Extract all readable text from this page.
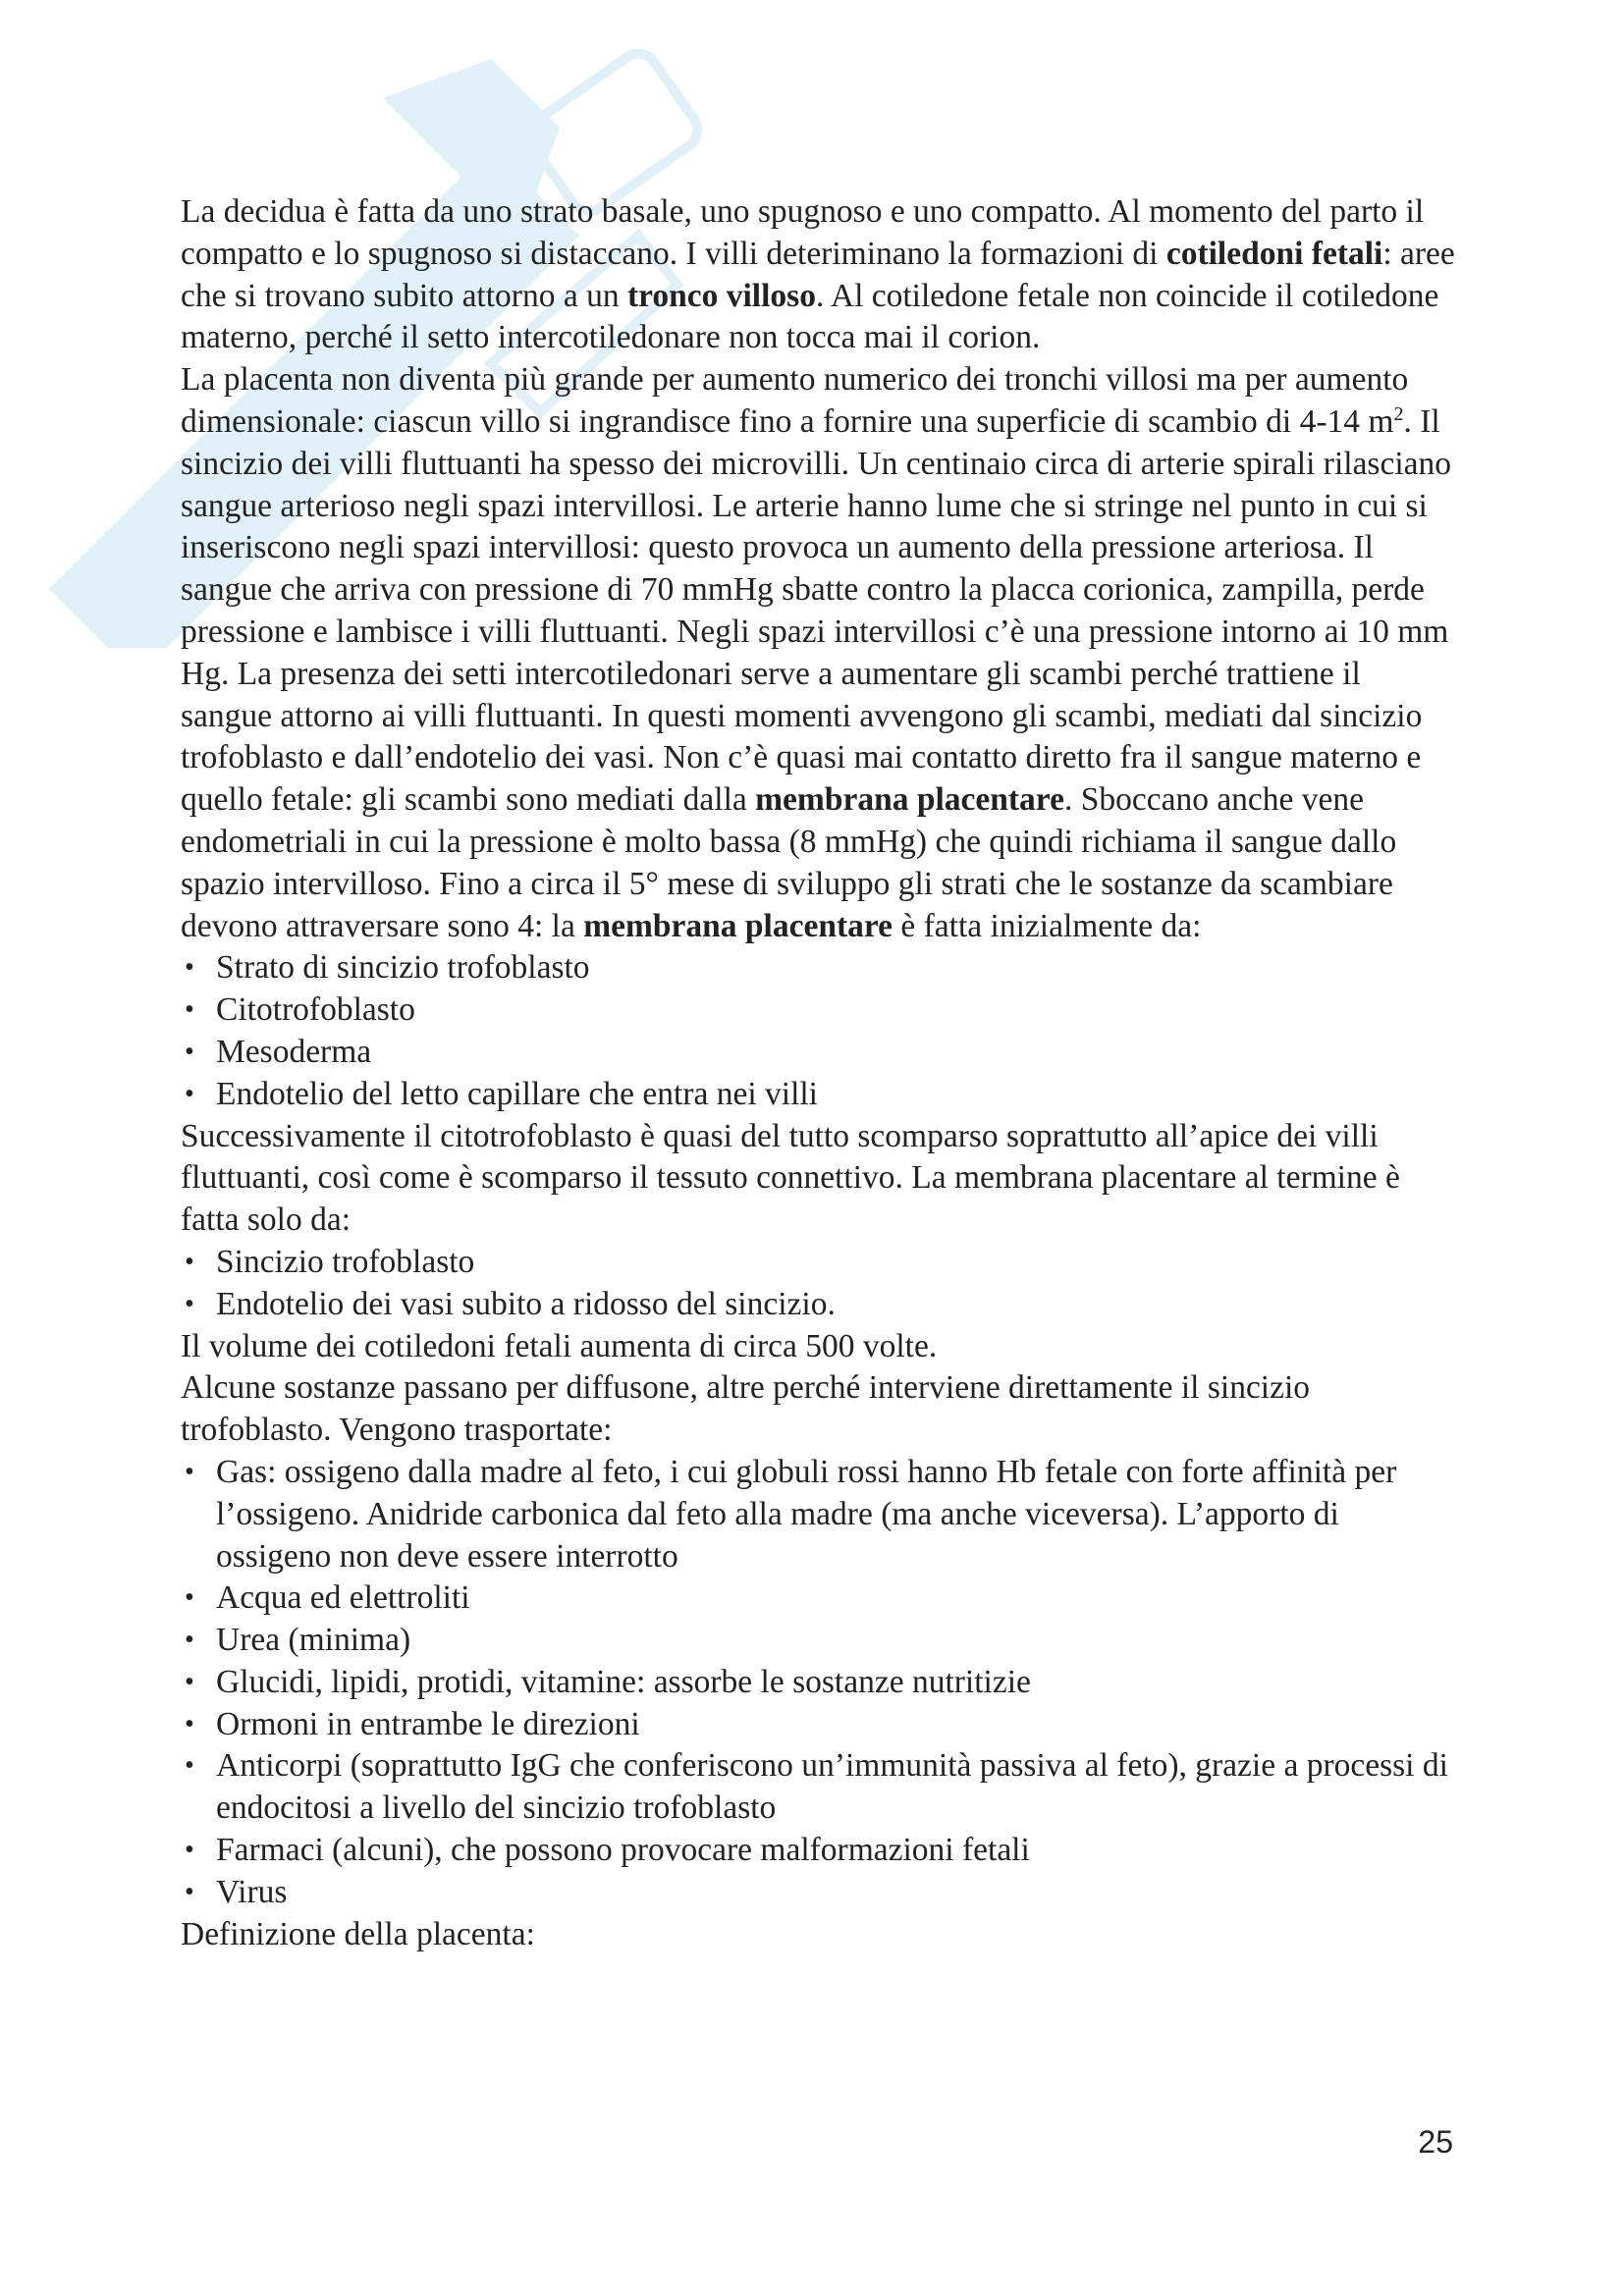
La decidua è fatta da uno strato basale, uno spugnoso e uno compatto. Al momento del parto il compatto e lo spugnoso si distaccano. I villi deteriminano la formazioni di cotiledoni fetali: aree che si trovano subito attorno a un tronco villoso. Al cotiledone fetale non coincide il cotiledone materno, perché il setto intercotiledonare non tocca mai il corion.

La placenta non diventa più grande per aumento numerico dei tronchi villosi ma per aumento dimensionale: ciascun villo si ingrandisce fino a fornire una superficie di scambio di 4-14 $m^2$. Il sincizio dei villi fluttuanti ha spesso dei microvilli. Un centinaio circa di arterie spirali rilasciano sangue arterioso negli spazi intervillosi. Le arterie hanno lume che si stringe nel punto in cui si inseriscono negli spazi intervillosi: questo provoca un aumento della pressione arteriosa. Il sangue che arriva con pressione di 70 mmHg sbatte contro la placca corionica, zampilla, perde pressione e lambisce i villi fluttuanti. Negli spazi intervillosi c’è una pressione intorno ai 10 mm Hg. La presenza dei setti intercotiledonari serve a aumentare gli scambi perché trattiene il sangue attorno ai villi fluttuanti. In questi momenti avvengono gli scambi, mediati dal sincizio trofoblasto e dall’endotelio dei vasi. Non c’è quasi mai contatto diretto fra il sangue materno e quello fetale: gli scambi sono mediati dalla membrana placentare. Sboccano anche vene endometriali in cui la pressione è molto bassa (8 mmHg) che quindi richiama il sangue dallo spazio intervilloso. Fino a circa il 5° mese di sviluppo gli strati che le sostanze da scambiare devono attraversare sono 4: la membrana placentare è fatta inizialmente da:

• Strato di sincizio trofoblasto
• Citotrofoblasto
• Mesoderma
• Endotelio del letto capillare che entra nei villi

Successivamente il citotrofoblasto è quasi del tutto scomparso soprattutto all’apice dei villi fluttuanti, così come è scomparso il tessuto connettivo. La membrana placentare al termine è fatta solo da:

• Sincizio trofoblasto
• Endotelio dei vasi subito a ridosso del sincizio.

Il volume dei cotiledoni fetali aumenta di circa 500 volte.

Alcune sostanze passano per diffusone, altre perché interviene direttamente il sincizio trofoblasto. Vengono trasportate:

• Gas: ossigeno dalla madre al feto, i cui globuli rossi hanno Hb fetale con forte affinità per l’ossigeno. Anidride carbonica dal feto alla madre (ma anche viceversa). L’apporto di ossigeno non deve essere interrotto
• Acqua ed elettroliti
• Urea (minima)
• Glucidi, lipidi, protidi, vitamine: assorbe le sostanze nutritizie
• Ormoni in entrambe le direzioni
• Anticorpi (soprattutto IgG che conferiscono un’immunità passiva al feto), grazie a processi di endocitosi a livello del sincizio trofoblasto
• Farmaci (alcuni), che possono provocare malformazioni fetali
• Virus

Definizione della placenta:

25
